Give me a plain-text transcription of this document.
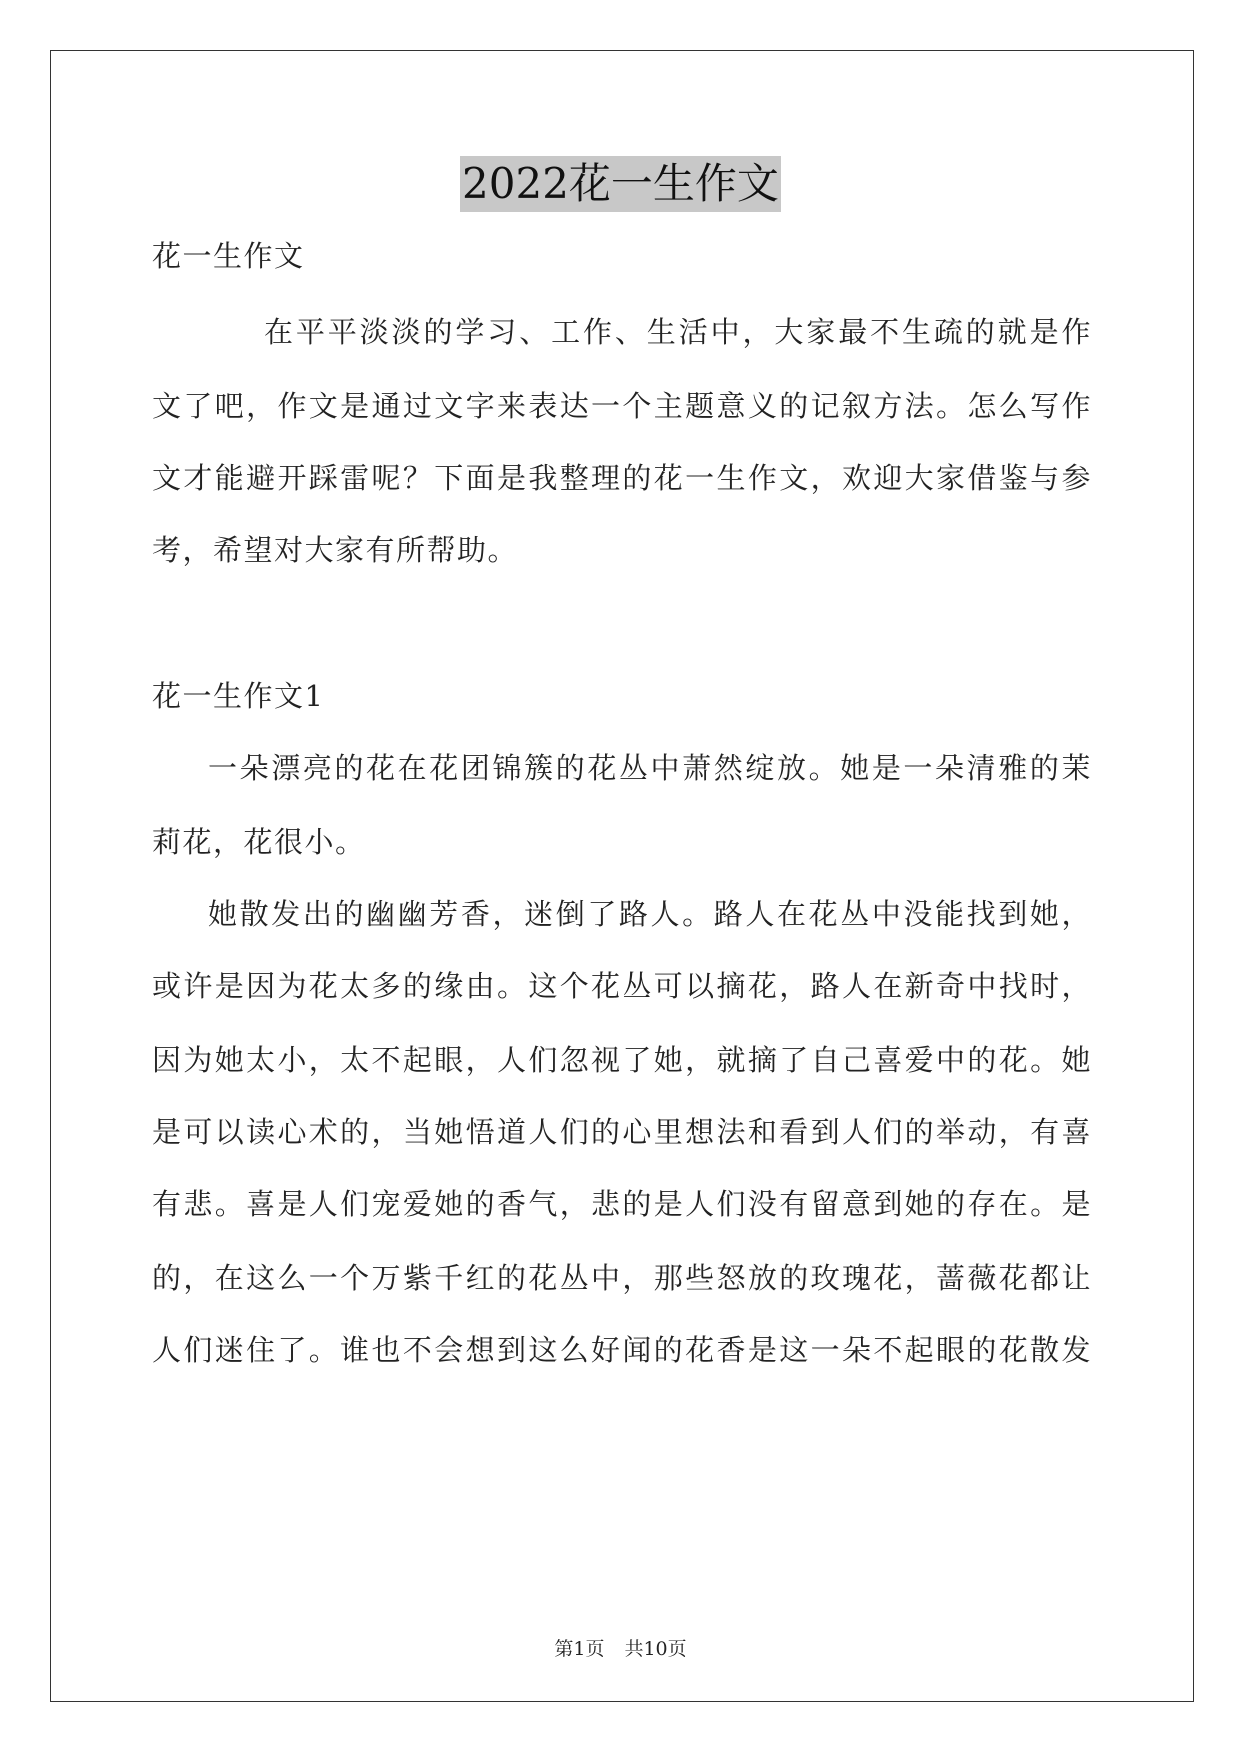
2022花一生作文
花一生作文
在平平淡淡的学习、工作、生活中，大家最不生疏的就是作
文了吧，作文是通过文字来表达一个主题意义的记叙方法。怎么写作
文才能避开踩雷呢？下面是我整理的花一生作文，欢迎大家借鉴与参
考，希望对大家有所帮助。
花一生作文1
一朵漂亮的花在花团锦簇的花丛中萧然绽放。她是一朵清雅的茉
莉花，花很小。
她散发出的幽幽芳香，迷倒了路人。路人在花丛中没能找到她，
或许是因为花太多的缘由。这个花丛可以摘花，路人在新奇中找时，
因为她太小，太不起眼，人们忽视了她，就摘了自己喜爱中的花。她
是可以读心术的，当她悟道人们的心里想法和看到人们的举动，有喜
有悲。喜是人们宠爱她的香气，悲的是人们没有留意到她的存在。是
的，在这么一个万紫千红的花丛中，那些怒放的玫瑰花，蔷薇花都让
人们迷住了。谁也不会想到这么好闻的花香是这一朵不起眼的花散发
第1页 共10页
